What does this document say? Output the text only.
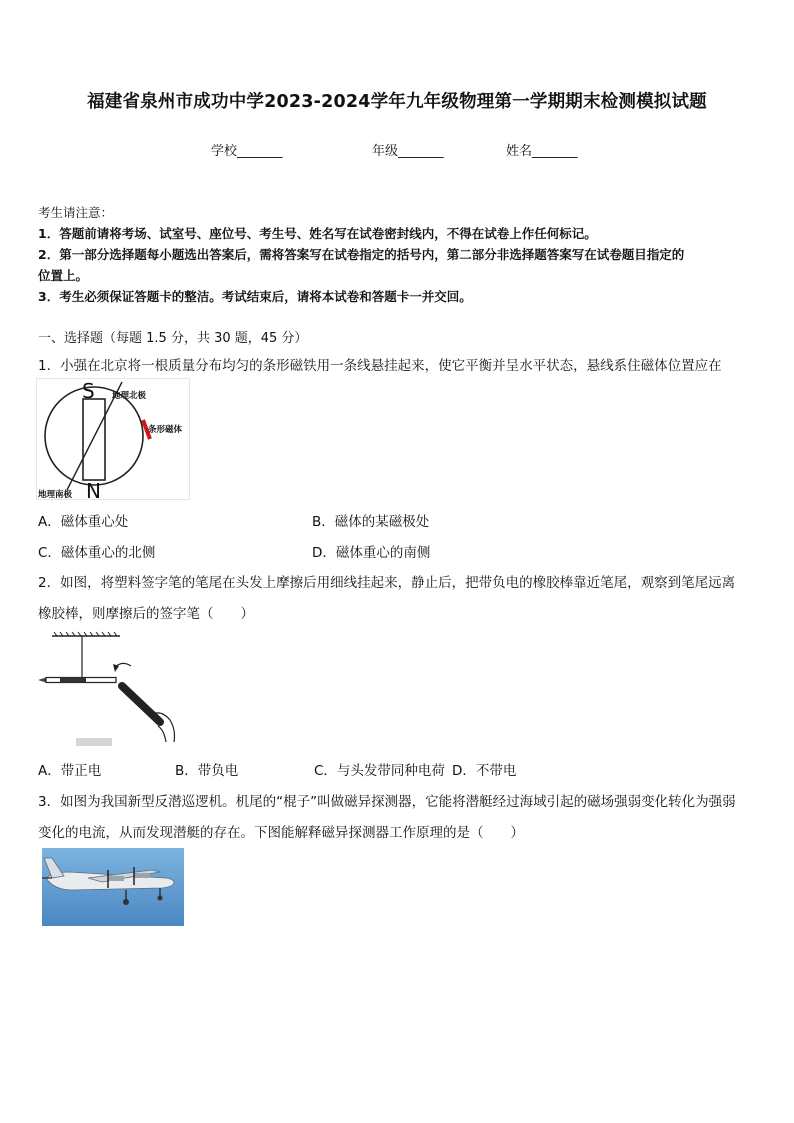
福建省泉州市成功中学2023-2024学年九年级物理第一学期期末检测模拟试题
学校_______	年级_______	姓名_______
考生请注意：
1．答题前请将考场、试室号、座位号、考生号、姓名写在试卷密封线内，不得在试卷上作任何标记。
2．第一部分选择题每小题选出答案后，需将答案写在试卷指定的括号内，第二部分非选择题答案写在试卷题目指定的
位置上。
3．考生必须保证答题卡的整洁。考试结束后，请将本试卷和答题卡一并交回。
一、选择题（每题 1.5 分，共 30 题，45 分）
1．小强在北京将一根质量分布均匀的条形磁铁用一条线悬挂起来，使它平衡并呈水平状态，悬线系住磁体位置应在
S
N
地理北极
条形磁体
地理南极
A．磁体重心处	B．磁体的某磁极处
C．磁体重心的北侧	D．磁体重心的南侧
2．如图，将塑料签字笔的笔尾在头发上摩擦后用细线挂起来，静止后，把带负电的橡胶棒靠近笔尾，观察到笔尾远离
橡胶棒，则摩擦后的签字笔（　　）
A．带正电	B．带负电	C．与头发带同种电荷 D．不带电
3．如图为我国新型反潜巡逻机。机尾的“棍子”叫做磁异探测器，它能将潜艇经过海域引起的磁场强弱变化转化为强弱
变化的电流，从而发现潜艇的存在。下图能解释磁异探测器工作原理的是（　　）
